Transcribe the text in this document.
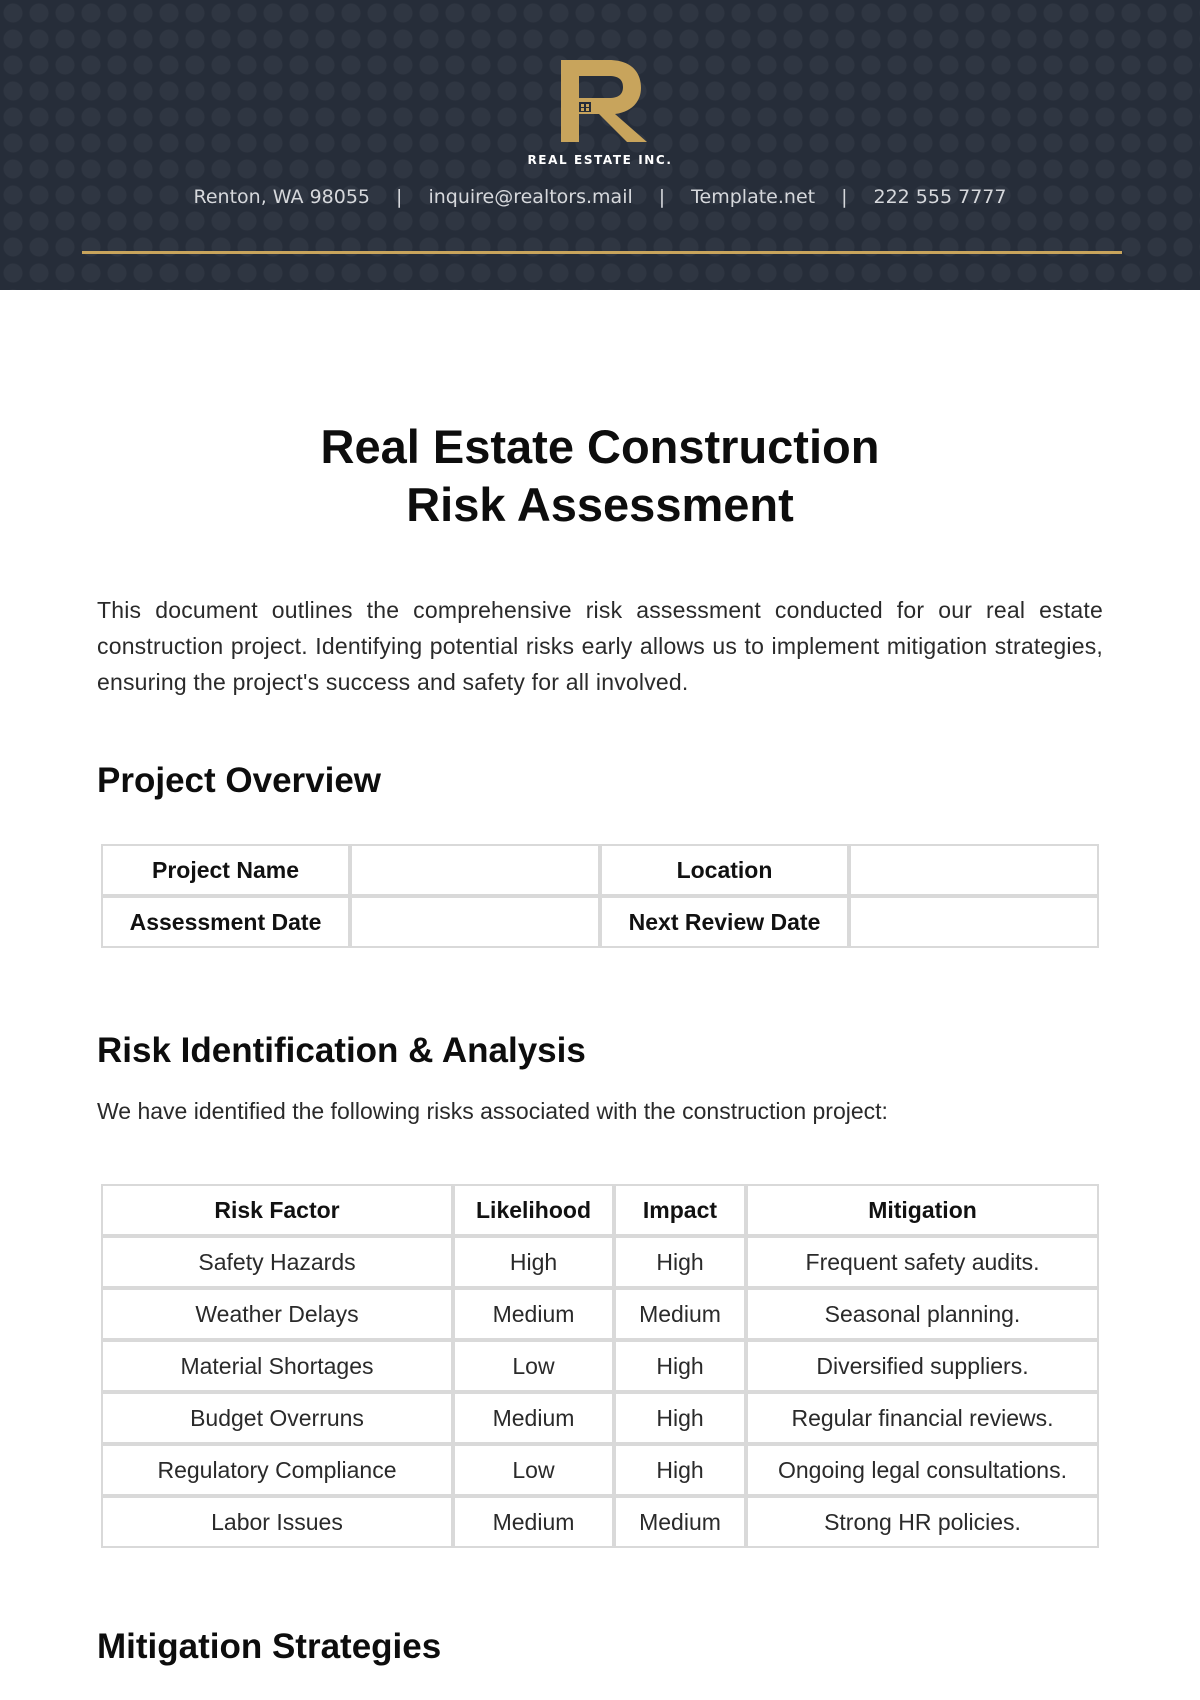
REAL ESTATE INC.
Renton, WA 98055 | inquire@realtors.mail | Template.net | 222 555 7777
Real Estate Construction
Risk Assessment

This document outlines the comprehensive risk assessment conducted for our real estate construction project. Identifying potential risks early allows us to implement mitigation strategies, ensuring the project's success and safety for all involved.

Project Overview
Project Name		Location	
Assessment Date		Next Review Date	
Risk Identification & Analysis

We have identified the following risks associated with the construction project:

Risk Factor	Likelihood	Impact	Mitigation
Safety Hazards	High	High	Frequent safety audits.
Weather Delays	Medium	Medium	Seasonal planning.
Material Shortages	Low	High	Diversified suppliers.
Budget Overruns	Medium	High	Regular financial reviews.
Regulatory Compliance	Low	High	Ongoing legal consultations.
Labor Issues	Medium	Medium	Strong HR policies.
Mitigation Strategies
